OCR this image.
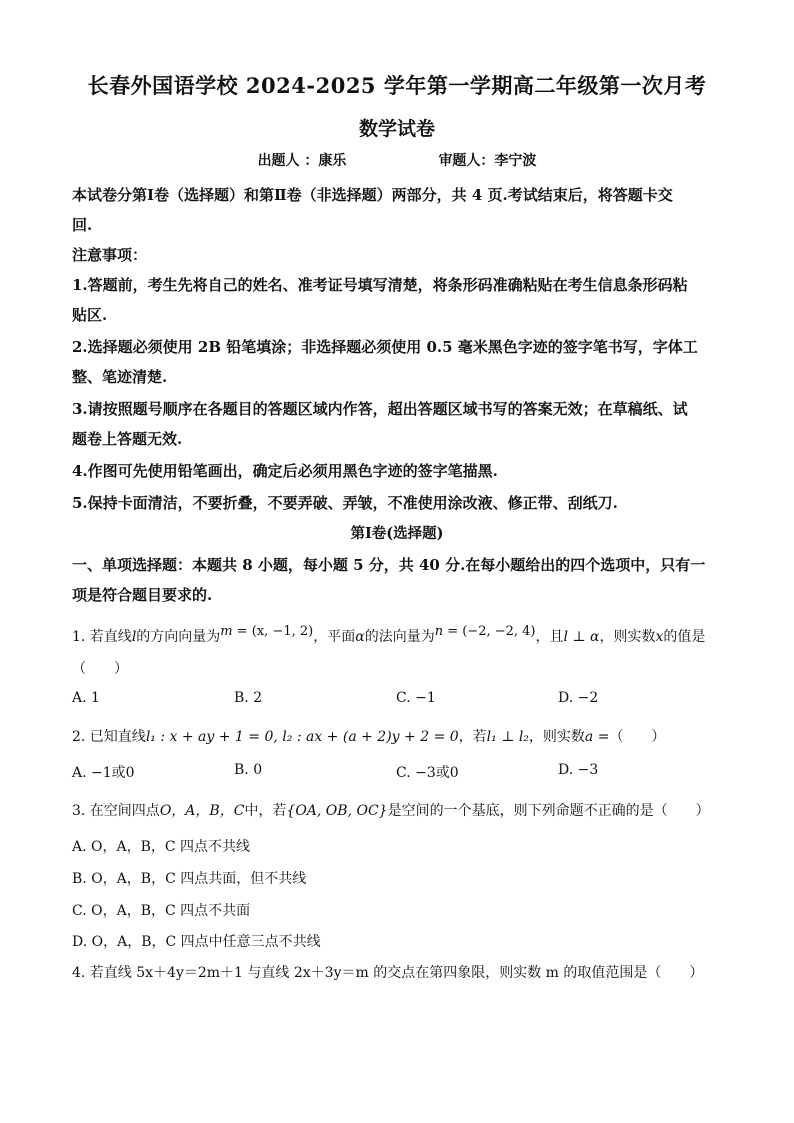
长春外国语学校 2024-2025 学年第一学期高二年级第一次月考
数学试卷
出题人 ：康乐	审题人：李宁波
本试卷分第Ⅰ卷（选择题）和第Ⅱ卷（非选择题）两部分，共 4 页.考试结束后，将答题卡交
回.
注意事项：
1.答题前，考生先将自己的姓名、准考证号填写清楚，将条形码准确粘贴在考生信息条形码粘
贴区.
2.选择题必须使用 2B 铅笔填涂；非选择题必须使用 0.5 毫米黑色字迹的签字笔书写，字体工
整、笔迹清楚.
3.请按照题号顺序在各题目的答题区域内作答，超出答题区域书写的答案无效；在草稿纸、试
题卷上答题无效.
4.作图可先使用铅笔画出，确定后必须用黑色字迹的签字笔描黑.
5.保持卡面清洁，不要折叠，不要弄破、弄皱，不准使用涂改液、修正带、刮纸刀.
第Ⅰ卷(选择题)
一、单项选择题：本题共 8 小题，每小题 5 分，共 40 分.在每小题给出的四个选项中，只有一
项是符合题目要求的.
1. 若直线l的方向向量为m = (x, −1, 2)，平面α的法向量为n = (−2, −2, 4)，且l ⊥ α，则实数x的值是
（　　）
A. 1	B. 2	C. −1	D. −2
2. 已知直线l₁ : x + ay + 1 = 0, l₂ : ax + (a + 2)y + 2 = 0，若l₁ ⊥ l₂，则实数a =（　　）
A. −1或0	B. 0	C. −3或0	D. −3
3. 在空间四点O，A，B，C中，若{OA, OB, OC}是空间的一个基底，则下列命题不正确的是（　　）
A. O，A，B，C 四点不共线
B. O，A，B，C 四点共面，但不共线
C. O，A，B，C 四点不共面
D. O，A，B，C 四点中任意三点不共线
4. 若直线 5x＋4y＝2m＋1 与直线 2x＋3y＝m 的交点在第四象限，则实数 m 的取值范围是（　　）
